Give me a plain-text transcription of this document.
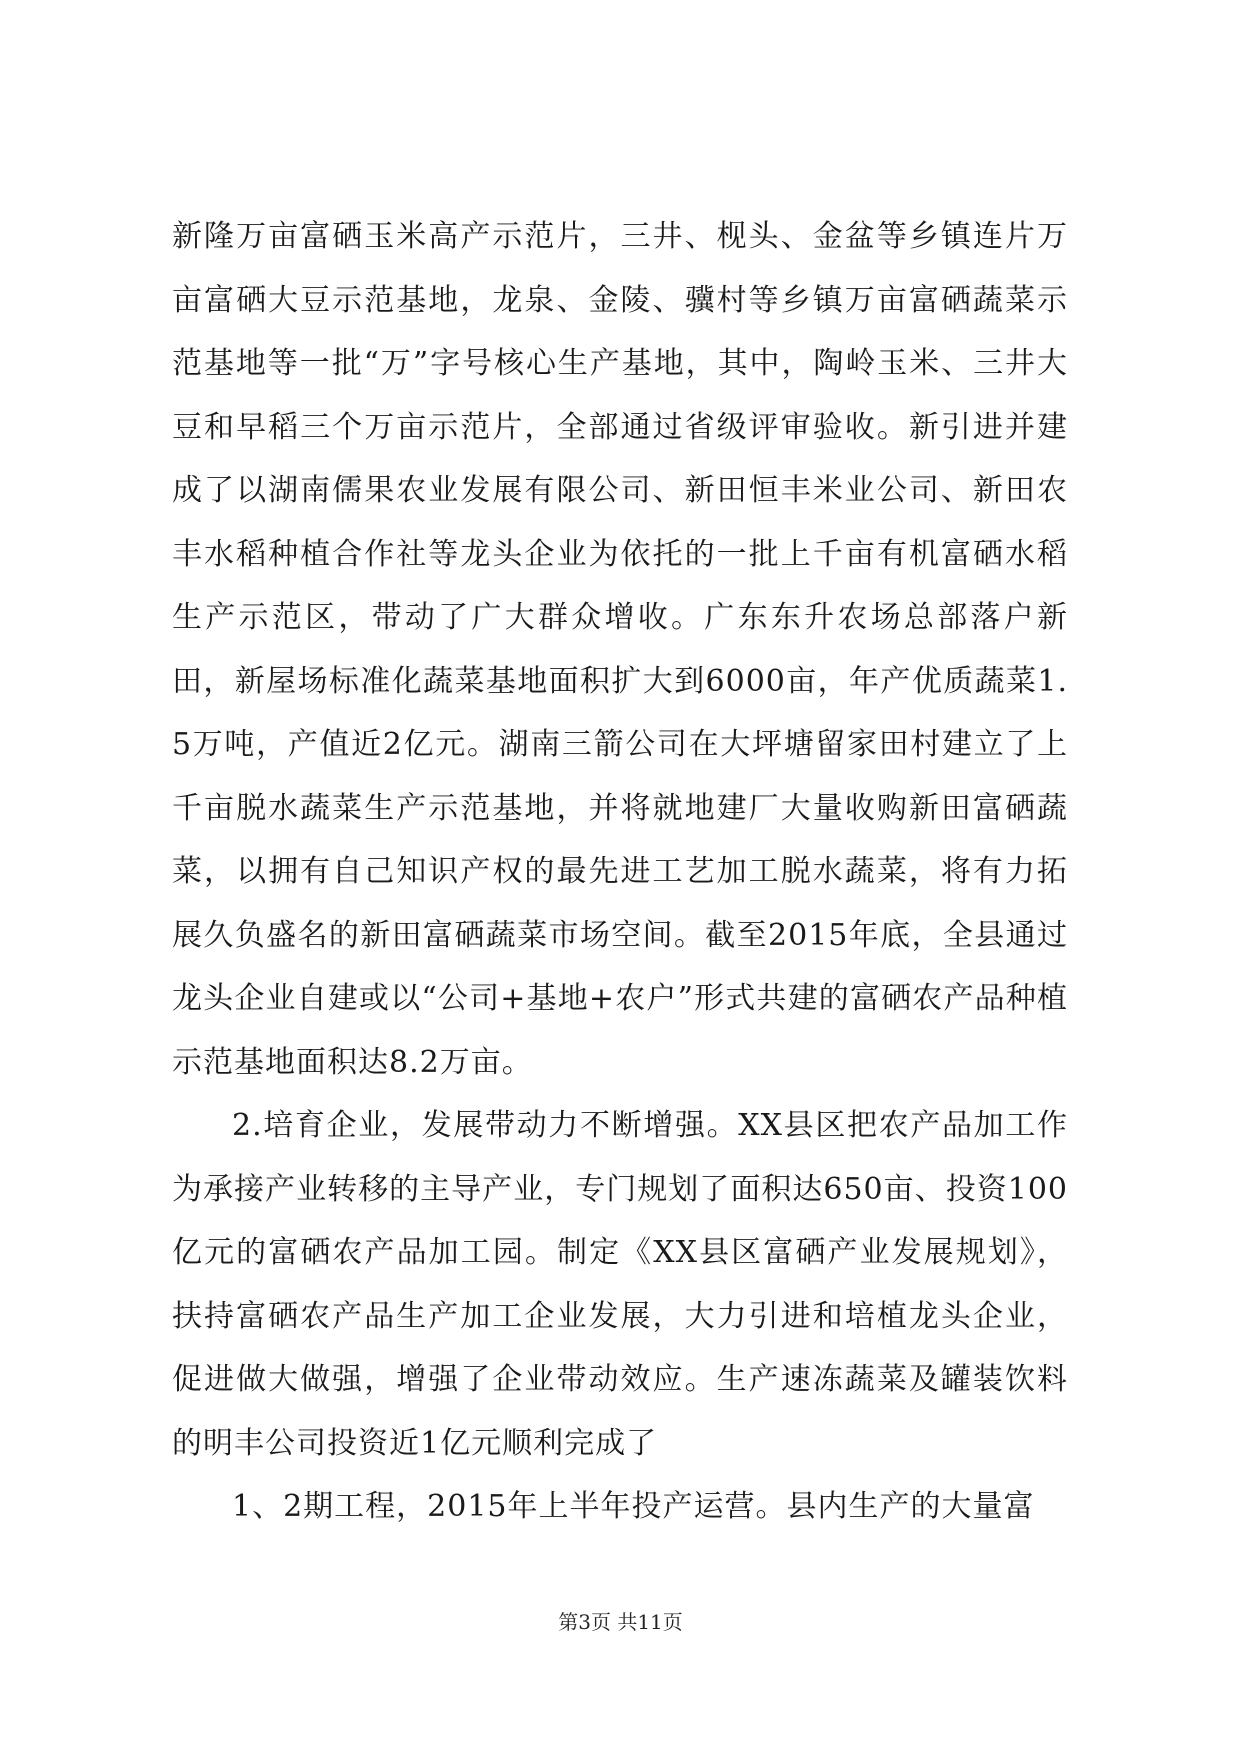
新隆万亩富硒玉米高产示范片，三井、枧头、金盆等乡镇连片万亩富硒大豆示范基地，龙泉、金陵、骥村等乡镇万亩富硒蔬菜示范基地等一批“万”字号核心生产基地，其中，陶岭玉米、三井大豆和早稻三个万亩示范片，全部通过省级评审验收。新引进并建成了以湖南儒果农业发展有限公司、新田恒丰米业公司、新田农丰水稻种植合作社等龙头企业为依托的一批上千亩有机富硒水稻生产示范区，带动了广大群众增收。广东东升农场总部落户新田，新屋场标准化蔬菜基地面积扩大到6000亩，年产优质蔬菜1.5万吨，产值近2亿元。湖南三箭公司在大坪塘留家田村建立了上千亩脱水蔬菜生产示范基地，并将就地建厂大量收购新田富硒蔬菜，以拥有自己知识产权的最先进工艺加工脱水蔬菜，将有力拓展久负盛名的新田富硒蔬菜市场空间。截至2015年底，全县通过龙头企业自建或以“公司+基地+农户”形式共建的富硒农产品种植示范基地面积达8.2万亩。

2.培育企业，发展带动力不断增强。XX县区把农产品加工作为承接产业转移的主导产业，专门规划了面积达650亩、投资100亿元的富硒农产品加工园。制定《XX县区富硒产业发展规划》，扶持富硒农产品生产加工企业发展，大力引进和培植龙头企业，促进做大做强，增强了企业带动效应。生产速冻蔬菜及罐装饮料的明丰公司投资近1亿元顺利完成了

1、2期工程，2015年上半年投产运营。县内生产的大量富

第3页 共11页
